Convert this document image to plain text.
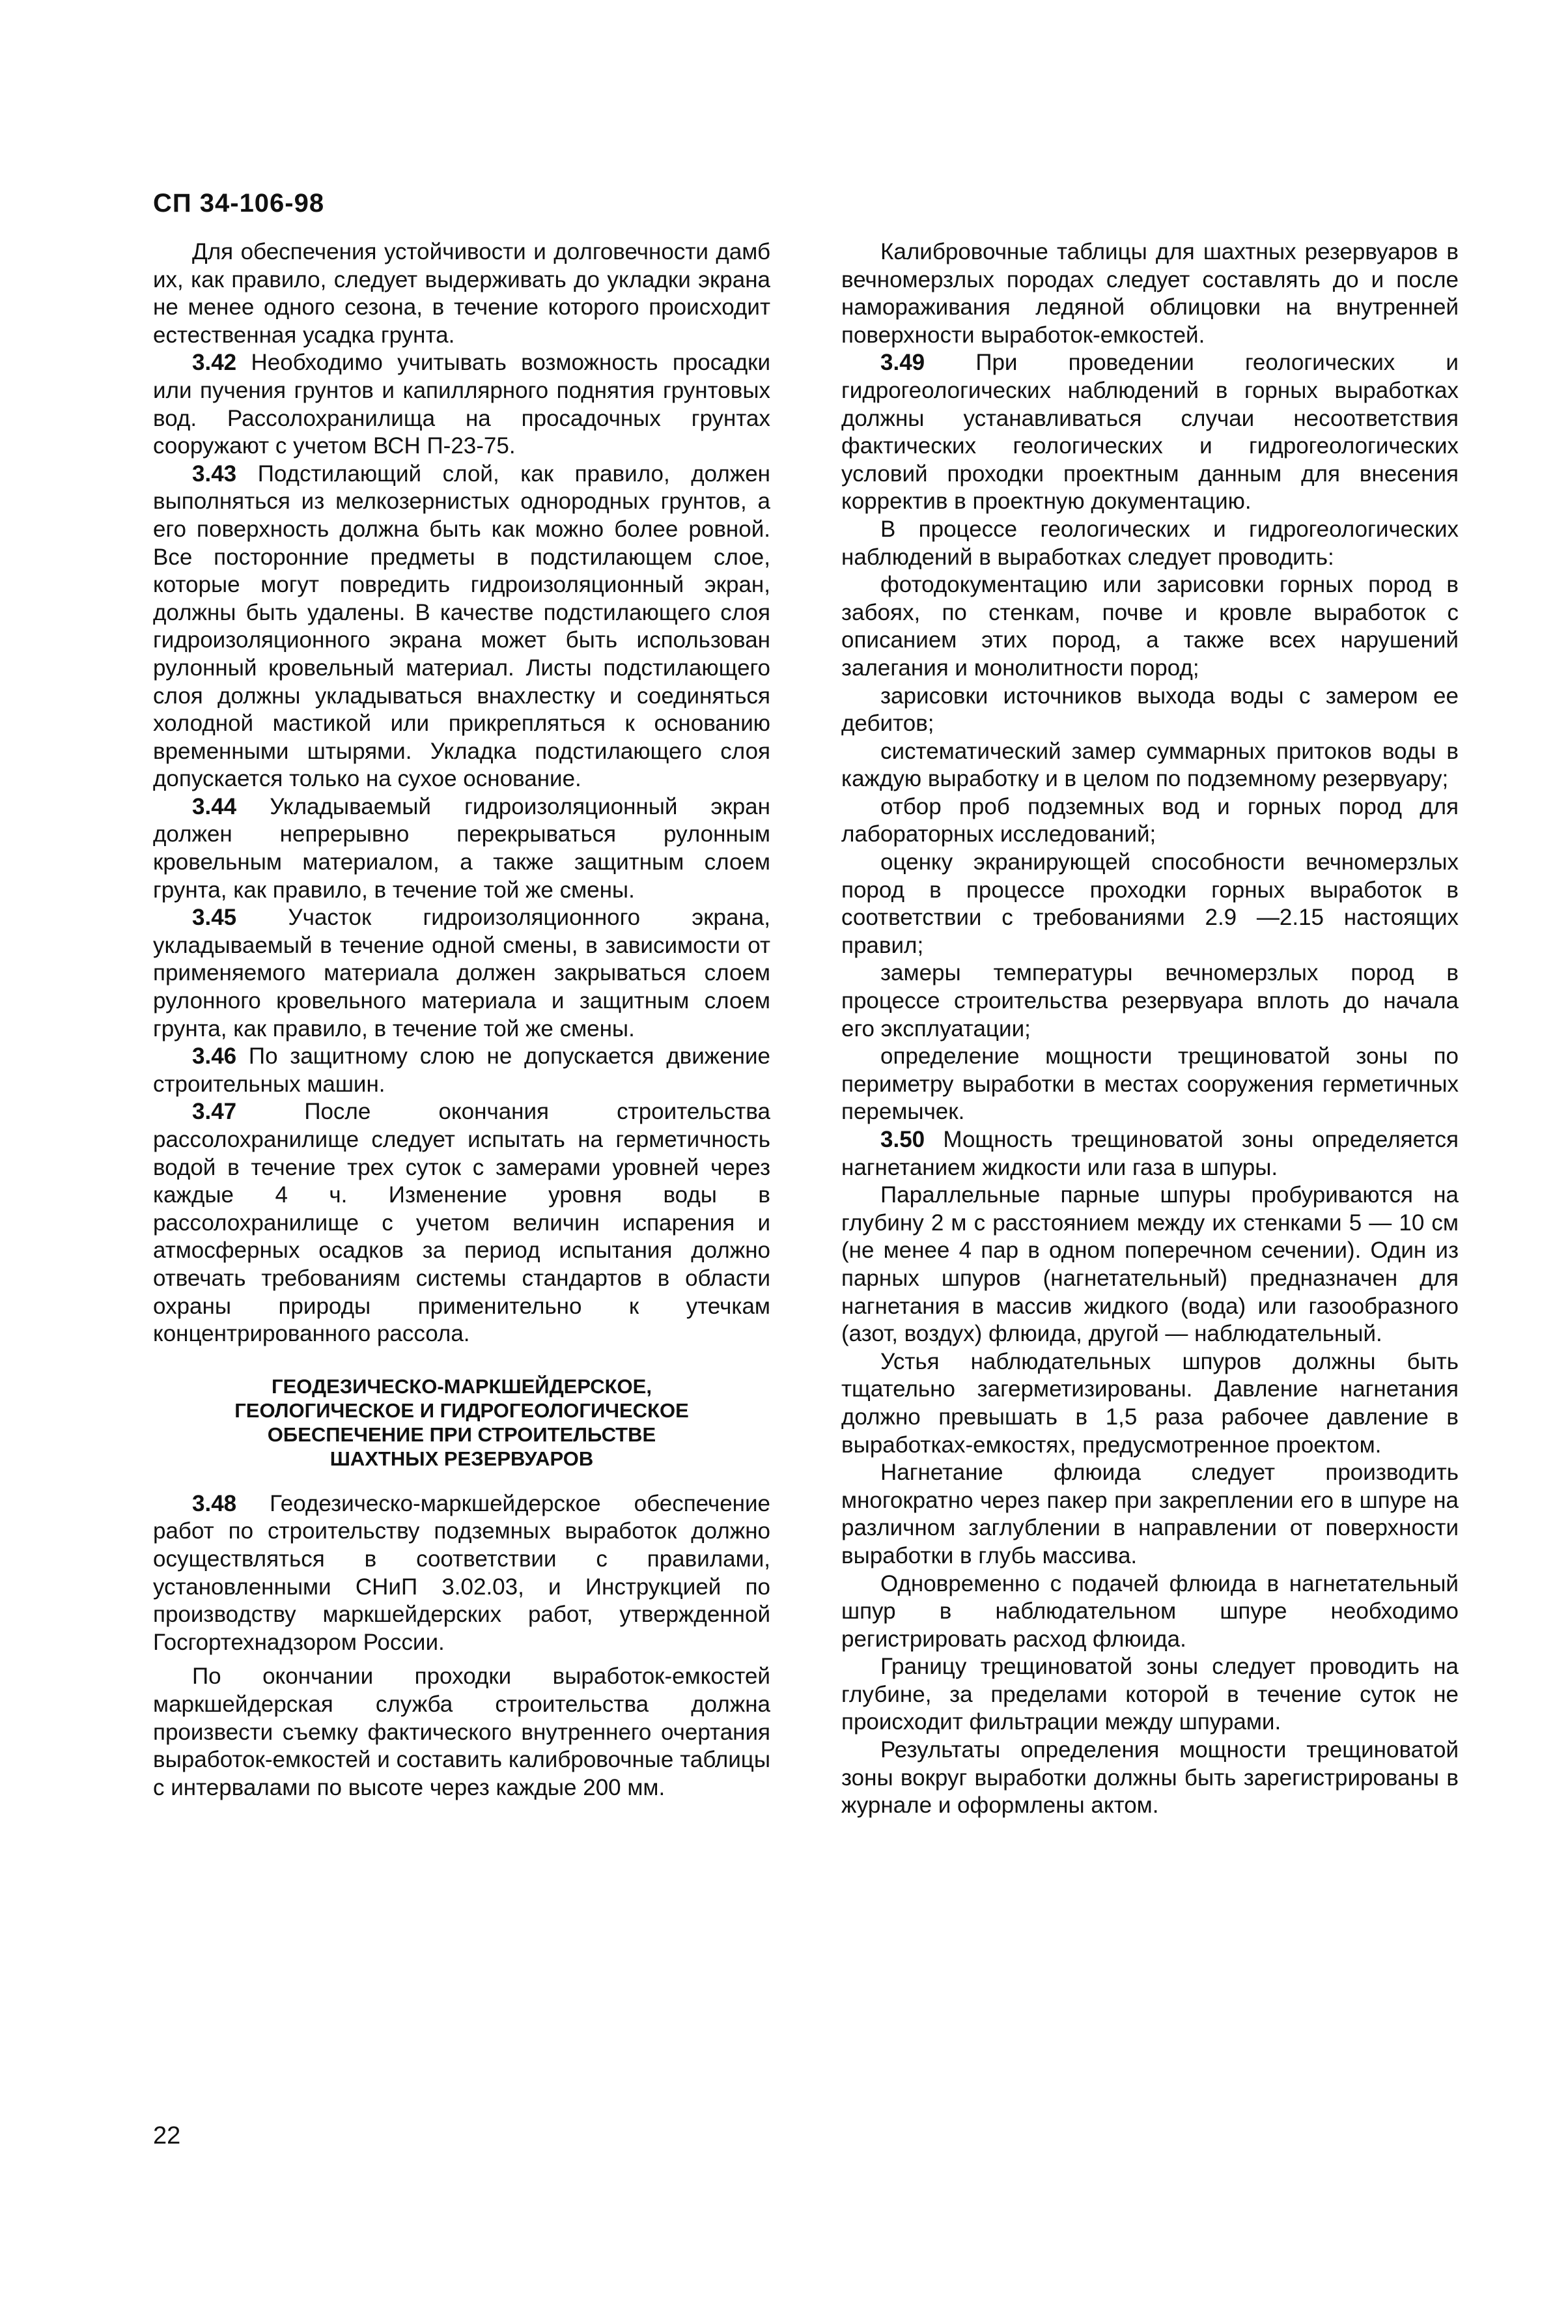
СП 34-106-98

Для обеспечения устойчивости и долговечности дамб их, как правило, следует выдерживать до укладки экрана не менее одного сезона, в течение которого происходит естественная усадка грунта.

3.42 Необходимо учитывать возможность просадки или пучения грунтов и капиллярного поднятия грунтовых вод. Рассолохранилища на просадочных грунтах сооружают с учетом ВСН П-23-75.

3.43 Подстилающий слой, как правило, должен выполняться из мелкозернистых однородных грунтов, а его поверхность должна быть как можно более ровной. Все посторонние предметы в подстилающем слое, которые могут повредить гидроизоляционный экран, должны быть удалены. В качестве подстилающего слоя гидроизоляционного экрана может быть использован рулонный кровельный материал. Листы подстилающего слоя должны укладываться внахлестку и соединяться холодной мастикой или прикрепляться к основанию временными штырями. Укладка подстилающего слоя допускается только на сухое основание.

3.44 Укладываемый гидроизоляционный экран должен непрерывно перекрываться рулонным кровельным материалом, а также защитным слоем грунта, как правило, в течение той же смены.

3.45 Участок гидроизоляционного экрана, укладываемый в течение одной смены, в зависимости от применяемого материала должен закрываться слоем рулонного кровельного материала и защитным слоем грунта, как правило, в течение той же смены.

3.46 По защитному слою не допускается движение строительных машин.

3.47	После окончания строительства рассолохранилище следует испытать на герметичность водой в течение трех суток с замерами уровней через каждые 4 ч. Изменение уровня воды в рассолохранилище с учетом величин испарения и атмосферных осадков за период испытания должно отвечать требованиям системы стандартов в области охраны природы применительно к утечкам концентрированного рассола.

ГЕОДЕЗИЧЕСКО-МАРКШЕЙДЕРСКОЕ,
ГЕОЛОГИЧЕСКОЕ И ГИДРОГЕОЛОГИЧЕСКОЕ
ОБЕСПЕЧЕНИЕ ПРИ СТРОИТЕЛЬСТВЕ
ШАХТНЫХ РЕЗЕРВУАРОВ

3.48 Геодезическо-маркшейдерское обеспечение работ по строительству подземных выработок должно осуществляться в соответствии с правилами, установленными СНиП 3.02.03, и Инструкцией по производству маркшейдерских работ, утвержденной Госгортехнадзором России.

По окончании проходки выработок-емкостей маркшейдерская служба строительства должна произвести съемку фактического внутреннего очертания выработок-емкостей и составить калибровочные таблицы с интервалами по высоте через каждые 200 мм.

Калибровочные таблицы для шахтных резервуаров в вечномерзлых породах следует составлять до и после намораживания ледяной облицовки на внутренней поверхности выработок-емкостей.

3.49 При проведении геологических и гидрогеологических наблюдений в горных выработках должны устанавливаться случаи несоответствия фактических геологических и гидрогеологических условий проходки проектным данным для внесения корректив в проектную документацию.

В процессе геологических и гидрогеологических наблюдений в выработках следует проводить:

фотодокументацию или зарисовки горных пород в забоях, по стенкам, почве и кровле выработок с описанием этих пород, а также всех нарушений залегания и монолитности пород;
зарисовки источников выхода воды с замером ее дебитов;
систематический замер суммарных притоков воды в каждую выработку и в целом по подземному резервуару;
отбор проб подземных вод и горных пород для лабораторных исследований;
оценку экранирующей способности вечномерзлых пород в процессе проходки горных выработок в соответствии с требованиями 2.9 —2.15 настоящих правил;
замеры температуры вечномерзлых пород в процессе строительства резервуара вплоть до начала его эксплуатации;
определение мощности трещиноватой зоны по периметру выработки в местах сооружения герметичных перемычек.

3.50 Мощность трещиноватой зоны определяется нагнетанием жидкости или газа в шпуры.

Параллельные парные шпуры пробуриваются на глубину 2 м с расстоянием между их стенками 5 — 10 см (не менее 4 пар в одном поперечном сечении). Один из парных шпуров (нагнетательный) предназначен для нагнетания в массив жидкого (вода) или газообразного (азот, воздух) флюида, другой — наблюдательный.

Устья наблюдательных шпуров должны быть тщательно загерметизированы. Давление нагнетания должно превышать в 1,5 раза рабочее давление в выработках-емкостях, предусмотренное проектом.

Нагнетание флюида следует производить многократно через пакер при закреплении его в шпуре на различном заглублении в направлении от поверхности выработки в глубь массива.

Одновременно с подачей флюида в нагнетательный шпур в наблюдательном шпуре необходимо регистрировать расход флюида.

Границу трещиноватой зоны следует проводить на глубине, за пределами которой в течение суток не происходит фильтрации между шпурами.

Результаты определения мощности трещиноватой зоны вокруг выработки должны быть зарегистрированы в журнале и оформлены актом.

22
